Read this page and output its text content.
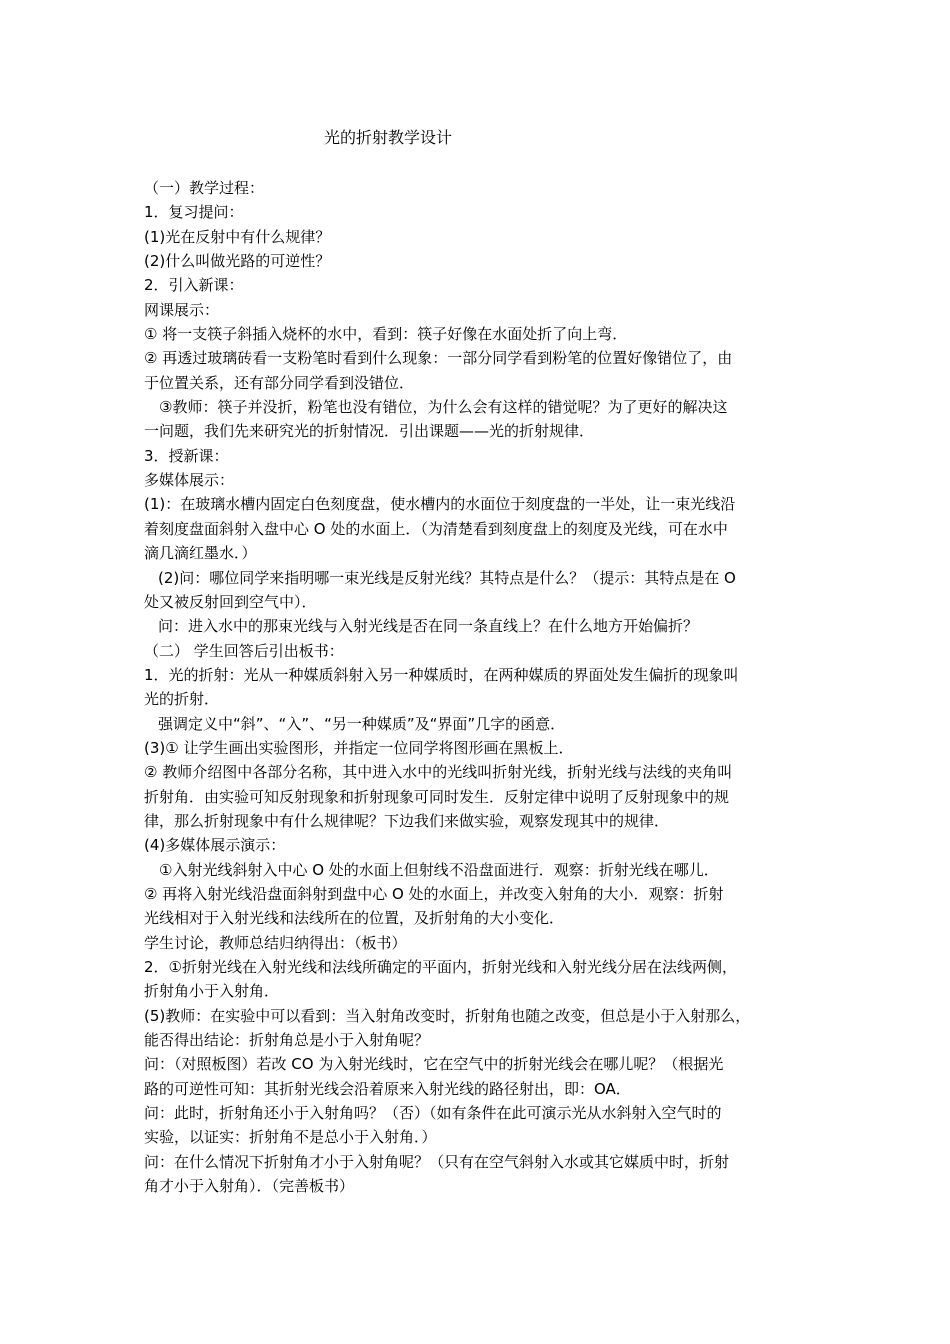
光的折射教学设计

（一）教学过程：

1．复习提问：

(1)光在反射中有什么规律？

(2)什么叫做光路的可逆性？

2．引入新课：

网课展示：

① 将一支筷子斜插入烧杯的水中，看到：筷子好像在水面处折了向上弯．

② 再透过玻璃砖看一支粉笔时看到什么现象：一部分同学看到粉笔的位置好像错位了，由

于位置关系，还有部分同学看到没错位．

③教师：筷子并没折，粉笔也没有错位，为什么会有这样的错觉呢？为了更好的解决这

一问题，我们先来研究光的折射情况．引出课题——光的折射规律．

3．授新课：

多媒体展示：

(1)：在玻璃水槽内固定白色刻度盘，使水槽内的水面位于刻度盘的一半处，让一束光线沿

着刻度盘面斜射入盘中心 O 处的水面上．（为清楚看到刻度盘上的刻度及光线，可在水中

滴几滴红墨水．）

(2)问：哪位同学来指明哪一束光线是反射光线？其特点是什么？（提示：其特点是在 O

处又被反射回到空气中）．

问：进入水中的那束光线与入射光线是否在同一条直线上？在什么地方开始偏折？

（二） 学生回答后引出板书：

1．光的折射：光从一种媒质斜射入另一种媒质时，在两种媒质的界面处发生偏折的现象叫

光的折射．

强调定义中“斜”、“入”、“另一种媒质”及“界面”几字的函意．

(3)① 让学生画出实验图形，并指定一位同学将图形画在黑板上．

② 教师介绍图中各部分名称，其中进入水中的光线叫折射光线，折射光线与法线的夹角叫

折射角．由实验可知反射现象和折射现象可同时发生．反射定律中说明了反射现象中的规

律，那么折射现象中有什么规律呢？下边我们来做实验，观察发现其中的规律．

(4)多媒体展示演示：

①入射光线斜射入中心 O 处的水面上但射线不沿盘面进行．观察：折射光线在哪儿．

② 再将入射光线沿盘面斜射到盘中心 O 处的水面上，并改变入射角的大小．观察：折射

光线相对于入射光线和法线所在的位置，及折射角的大小变化．

学生讨论，教师总结归纳得出：（板书）

2．①折射光线在入射光线和法线所确定的平面内，折射光线和入射光线分居在法线两侧，

折射角小于入射角．

(5)教师：在实验中可以看到：当入射角改变时，折射角也随之改变，但总是小于入射那么，

能否得出结论：折射角总是小于入射角呢？

问：（对照板图）若改 CO 为入射光线时，它在空气中的折射光线会在哪儿呢？（根据光

路的可逆性可知：其折射光线会沿着原来入射光线的路径射出，即：OA．

问：此时，折射角还小于入射角吗？（否）（如有条件在此可演示光从水斜射入空气时的

实验，以证实：折射角不是总小于入射角．）

问：在什么情况下折射角才小于入射角呢？（只有在空气斜射入水或其它媒质中时，折射

角才小于入射角）．（完善板书）
